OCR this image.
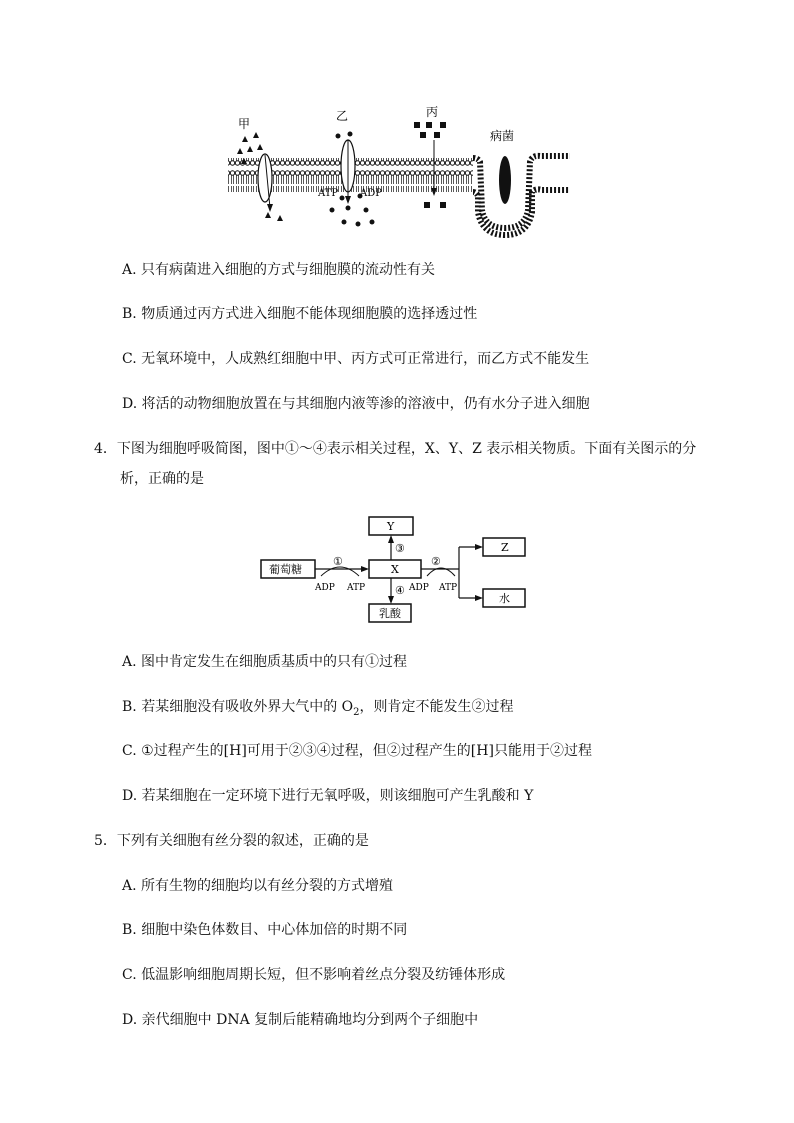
甲
乙	丙
病菌
ATP ADP
A. 只有病菌进入细胞的方式与细胞膜的流动性有关
B. 物质通过丙方式进入细胞不能体现细胞膜的选择透过性
C. 无氧环境中，人成熟红细胞中甲、丙方式可正常进行，而乙方式不能发生
D. 将活的动物细胞放置在与其细胞内液等渗的溶液中，仍有水分子进入细胞
4．下图为细胞呼吸简图，图中①～④表示相关过程，X、Y、Z 表示相关物质。下面有关图示的分
析，正确的是
葡萄糖	X
Y
乳酸
Z
水
①	②
③
④
ADP ATP	ADP ATP
A. 图中肯定发生在细胞质基质中的只有①过程
B. 若某细胞没有吸收外界大气中的 $O_2$，则肯定不能发生②过程
C. ①过程产生的[H]可用于②③④过程，但②过程产生的[H]只能用于②过程
D. 若某细胞在一定环境下进行无氧呼吸，则该细胞可产生乳酸和 Y
5．下列有关细胞有丝分裂的叙述，正确的是
A. 所有生物的细胞均以有丝分裂的方式增殖
B. 细胞中染色体数目、中心体加倍的时期不同
C. 低温影响细胞周期长短，但不影响着丝点分裂及纺锤体形成
D. 亲代细胞中 DNA 复制后能精确地均分到两个子细胞中
